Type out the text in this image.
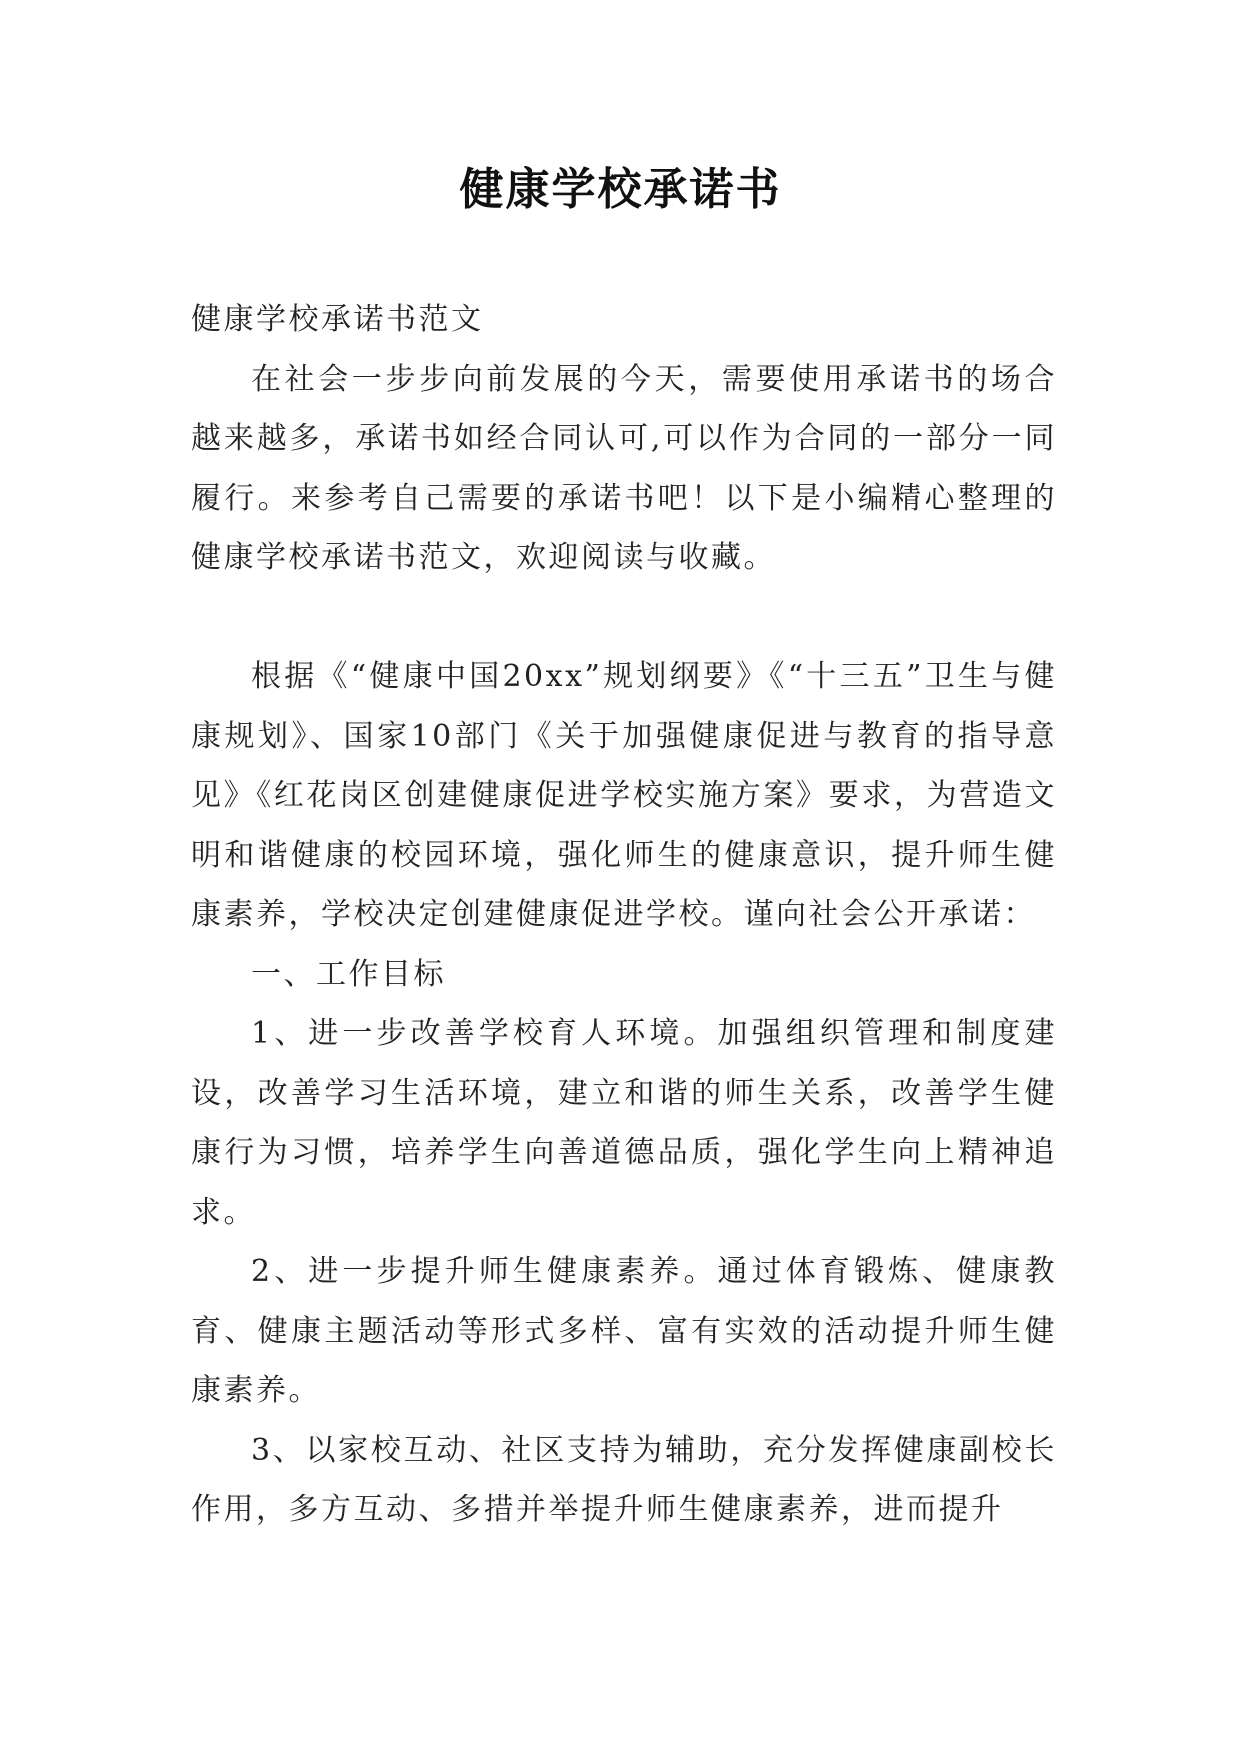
健康学校承诺书

健康学校承诺书范文

在社会一步步向前发展的今天，需要使用承诺书的场合越来越多，承诺书如经合同认可,可以作为合同的一部分一同履行。来参考自己需要的承诺书吧！以下是小编精心整理的健康学校承诺书范文，欢迎阅读与收藏。

根据《“健康中国20xx”规划纲要》《“十三五”卫生与健康规划》、国家10部门《关于加强健康促进与教育的指导意见》《红花岗区创建健康促进学校实施方案》要求，为营造文明和谐健康的校园环境，强化师生的健康意识，提升师生健康素养，学校决定创建健康促进学校。谨向社会公开承诺：

一、工作目标

1、进一步改善学校育人环境。加强组织管理和制度建设，改善学习生活环境，建立和谐的师生关系，改善学生健康行为习惯，培养学生向善道德品质，强化学生向上精神追求。

2、进一步提升师生健康素养。通过体育锻炼、健康教育、健康主题活动等形式多样、富有实效的活动提升师生健康素养。

3、以家校互动、社区支持为辅助，充分发挥健康副校长作用，多方互动、多措并举提升师生健康素养，进而提升
